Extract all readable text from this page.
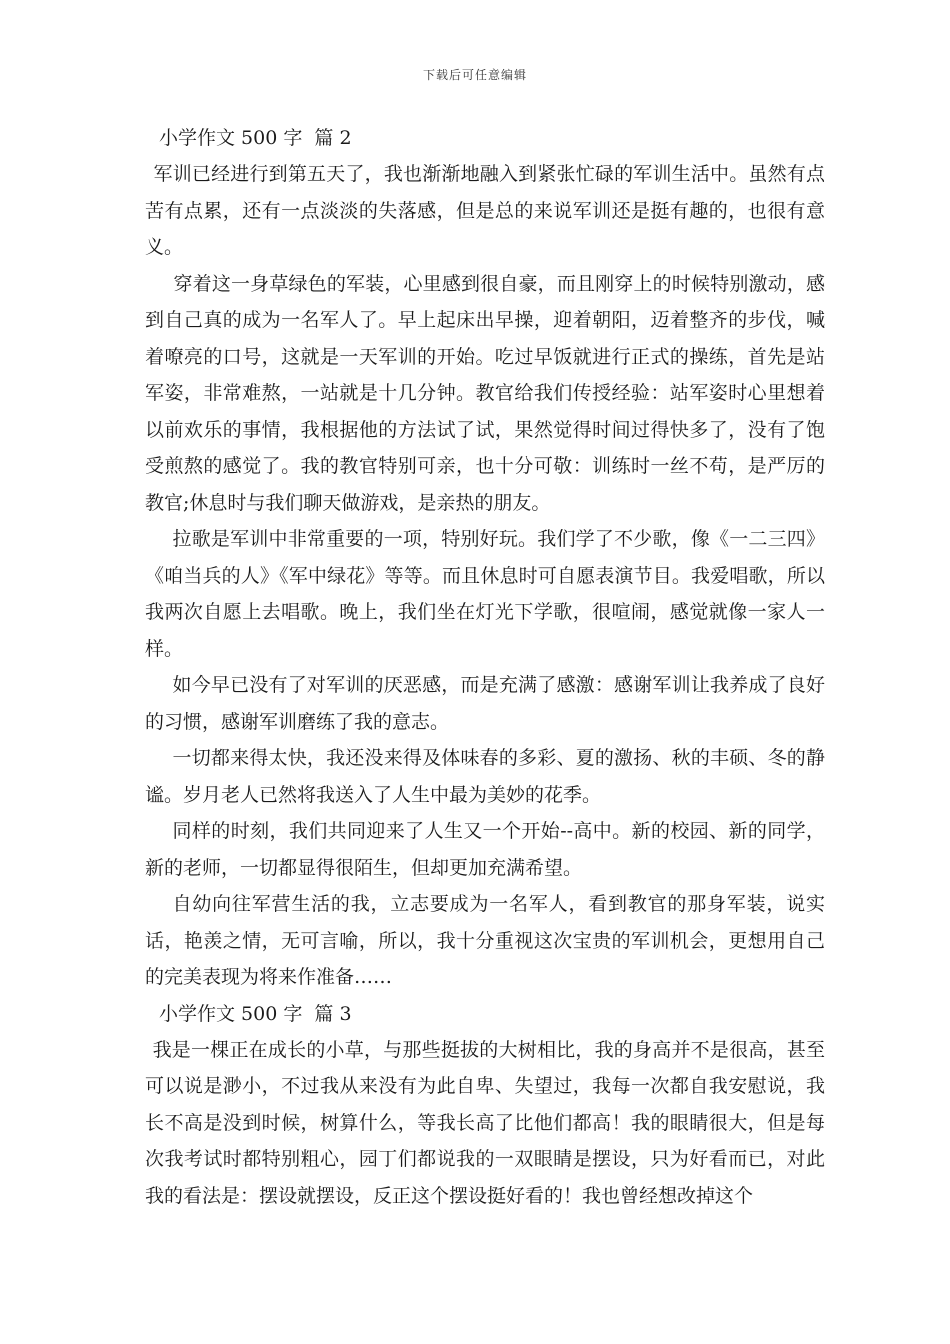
下载后可任意编辑
小学作文 500 字  篇 2

军训已经进行到第五天了，我也渐渐地融入到紧张忙碌的军训生活中。虽然有点苦有点累，还有一点淡淡的失落感，但是总的来说军训还是挺有趣的，也很有意义。

穿着这一身草绿色的军装，心里感到很自豪，而且刚穿上的时候特别激动，感到自己真的成为一名军人了。早上起床出早操，迎着朝阳，迈着整齐的步伐，喊着嘹亮的口号，这就是一天军训的开始。吃过早饭就进行正式的操练，首先是站军姿，非常难熬，一站就是十几分钟。教官给我们传授经验：站军姿时心里想着以前欢乐的事情，我根据他的方法试了试，果然觉得时间过得快多了，没有了饱受煎熬的感觉了。我的教官特别可亲，也十分可敬：训练时一丝不苟，是严厉的教官;休息时与我们聊天做游戏，是亲热的朋友。

拉歌是军训中非常重要的一项，特别好玩。我们学了不少歌，像《一二三四》《咱当兵的人》《军中绿花》等等。而且休息时可自愿表演节目。我爱唱歌，所以我两次自愿上去唱歌。晚上，我们坐在灯光下学歌，很喧闹，感觉就像一家人一样。

如今早已没有了对军训的厌恶感，而是充满了感激：感谢军训让我养成了良好的习惯，感谢军训磨练了我的意志。

一切都来得太快，我还没来得及体味春的多彩、夏的激扬、秋的丰硕、冬的静谧。岁月老人已然将我送入了人生中最为美妙的花季。

同样的时刻，我们共同迎来了人生又一个开始--高中。新的校园、新的同学，新的老师，一切都显得很陌生，但却更加充满希望。

自幼向往军营生活的我，立志要成为一名军人，看到教官的那身军装，说实话，艳羡之情，无可言喻，所以，我十分重视这次宝贵的军训机会，更想用自己的完美表现为将来作准备……

小学作文 500 字  篇 3

我是一棵正在成长的小草，与那些挺拔的大树相比，我的身高并不是很高，甚至可以说是渺小，不过我从来没有为此自卑、失望过，我每一次都自我安慰说，我长不高是没到时候，树算什么，等我长高了比他们都高！我的眼睛很大，但是每次我考试时都特别粗心，园丁们都说我的一双眼睛是摆设，只为好看而已，对此我的看法是：摆设就摆设，反正这个摆设挺好看的！我也曾经想改掉这个
